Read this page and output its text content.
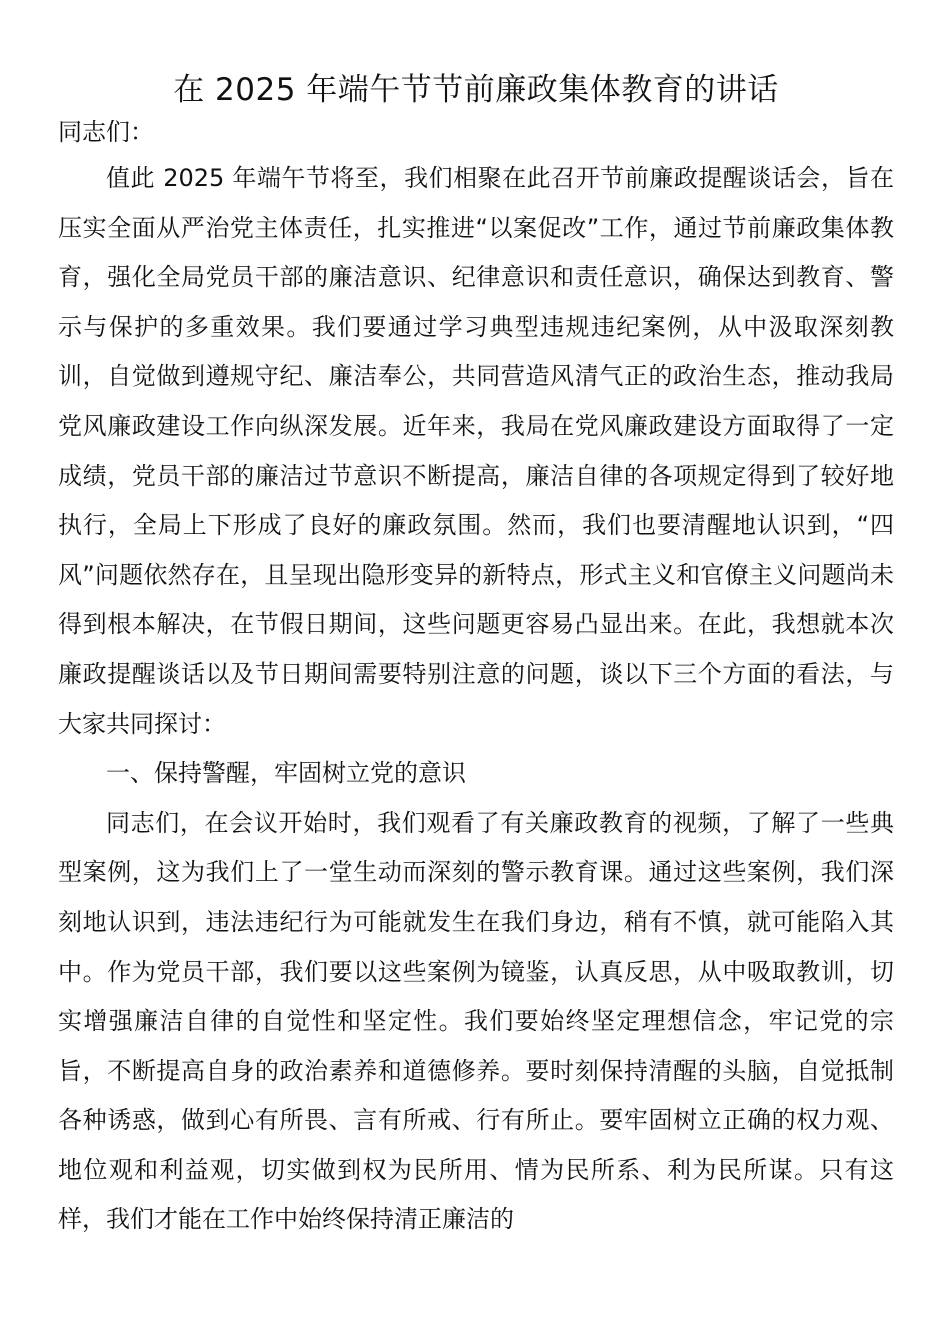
在 2025 年端午节节前廉政集体教育的讲话

同志们：

值此 2025 年端午节将至，我们相聚在此召开节前廉政提醒谈话会，旨在压实全面从严治党主体责任，扎实推进“以案促改”工作，通过节前廉政集体教育，强化全局党员干部的廉洁意识、纪律意识和责任意识，确保达到教育、警示与保护的多重效果。我们要通过学习典型违规违纪案例，从中汲取深刻教训，自觉做到遵规守纪、廉洁奉公，共同营造风清气正的政治生态，推动我局党风廉政建设工作向纵深发展。近年来，我局在党风廉政建设方面取得了一定成绩，党员干部的廉洁过节意识不断提高，廉洁自律的各项规定得到了较好地执行，全局上下形成了良好的廉政氛围。然而，我们也要清醒地认识到，“四风”问题依然存在，且呈现出隐形变异的新特点，形式主义和官僚主义问题尚未得到根本解决，在节假日期间，这些问题更容易凸显出来。在此，我想就本次廉政提醒谈话以及节日期间需要特别注意的问题，谈以下三个方面的看法，与大家共同探讨：

一、保持警醒，牢固树立党的意识

同志们，在会议开始时，我们观看了有关廉政教育的视频，了解了一些典型案例，这为我们上了一堂生动而深刻的警示教育课。通过这些案例，我们深刻地认识到，违法违纪行为可能就发生在我们身边，稍有不慎，就可能陷入其中。作为党员干部，我们要以这些案例为镜鉴，认真反思，从中吸取教训，切实增强廉洁自律的自觉性和坚定性。我们要始终坚定理想信念，牢记党的宗旨，不断提高自身的政治素养和道德修养。要时刻保持清醒的头脑，自觉抵制各种诱惑，做到心有所畏、言有所戒、行有所止。要牢固树立正确的权力观、地位观和利益观，切实做到权为民所用、情为民所系、利为民所谋。只有这样，我们才能在工作中始终保持清正廉洁的
